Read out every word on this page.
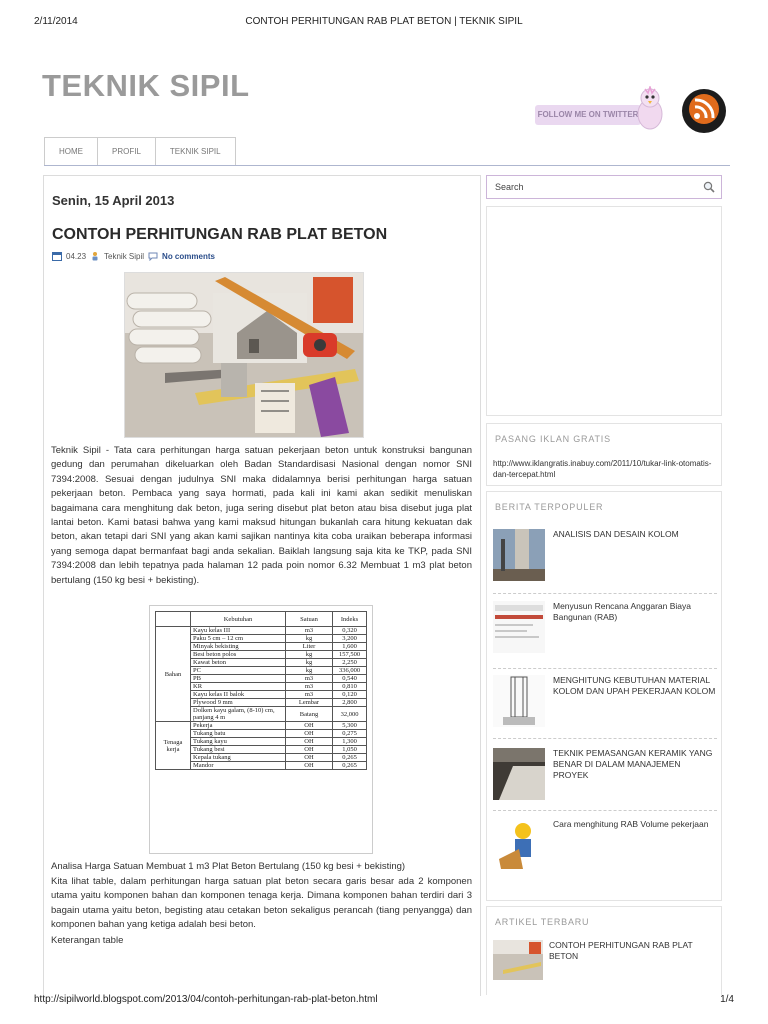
2/11/2014	CONTOH PERHITUNGAN RAB PLAT BETON | TEKNIK SIPIL
TEKNIK SIPIL
FOLLOW ME ON TWITTER
HOME	PROFIL	TEKNIK SIPIL
Senin, 15 April 2013
CONTOH PERHITUNGAN RAB PLAT BETON
04.23 Teknik Sipil No comments
Teknik Sipil - Tata cara perhitungan harga satuan pekerjaan beton untuk konstruksi bangunan gedung dan perumahan dikeluarkan oleh Badan Standardisasi Nasional dengan nomor SNI 7394:2008. Sesuai dengan judulnya SNI maka didalamnya berisi perhitungan harga satuan pekerjaan beton. Pembaca yang saya hormati, pada kali ini kami akan sedikit menuliskan bagaimana cara menghitung dak beton, juga sering disebut plat beton atau bisa disebut juga plat lantai beton. Kami batasi bahwa yang kami maksud hitungan bukanlah cara hitung kekuatan dak beton, akan tetapi dari SNI yang akan kami sajikan nantinya kita coba uraikan beberapa informasi yang semoga dapat bermanfaat bagi anda sekalian. Baiklah langsung saja kita ke TKP, pada SNI 7394:2008 dan lebih tepatnya pada halaman 12 pada poin nomor 6.32 Membuat 1 m3 plat beton bertulang (150 kg besi + bekisting).
	Kebutuhan	Satuan	Indeks
Bahan	Kayu kelas III	m3	0,320
	Paku 5 cm – 12 cm	kg	3,200
	Minyak bekisting	Liter	1,600
	Besi beton polos	kg	157,500
	Kawat beton	kg	2,250
	PC	kg	336,000
	PB	m3	0,540
	KR	m3	0,810
	Kayu kelas II balok	m3	0,120
	Plywood 9 mm	Lembar	2,800
	Dolken kayu galam, (8-10) cm, panjang 4 m	Batang	32,000
Tenaga kerja	Pekerja	OH	5,300
	Tukang batu	OH	0,275
	Tukang kayu	OH	1,300
	Tukang besi	OH	1,050
	Kepala tukang	OH	0,265
	Mandor	OH	0,265
Analisa Harga Satuan Membuat 1 m3 Plat Beton Bertulang (150 kg besi + bekisting)
Kita lihat table, dalam perhitungan harga satuan plat beton secara garis besar ada 2 komponen utama yaitu komponen bahan dan komponen tenaga kerja. Dimana komponen bahan terdiri dari 3 bagain utama yaitu beton, begisting atau cetakan beton sekaligus perancah (tiang penyangga) dan komponen bahan yang ketiga adalah besi beton.
Keterangan table
Search
PASANG IKLAN GRATIS
http://www.iklangratis.inabuy.com/2011/10/tukar-link-otomatis-dan-tercepat.html
BERITA TERPOPULER
ANALISIS DAN DESAIN KOLOM
Menyusun Rencana Anggaran Biaya Bangunan (RAB)
MENGHITUNG KEBUTUHAN MATERIAL KOLOM DAN UPAH PEKERJAAN KOLOM
TEKNIK PEMASANGAN KERAMIK YANG BENAR DI DALAM MANAJEMEN PROYEK
Cara menghitung RAB Volume pekerjaan
ARTIKEL TERBARU
CONTOH PERHITUNGAN RAB PLAT BETON
http://sipilworld.blogspot.com/2013/04/contoh-perhitungan-rab-plat-beton.html	1/4
